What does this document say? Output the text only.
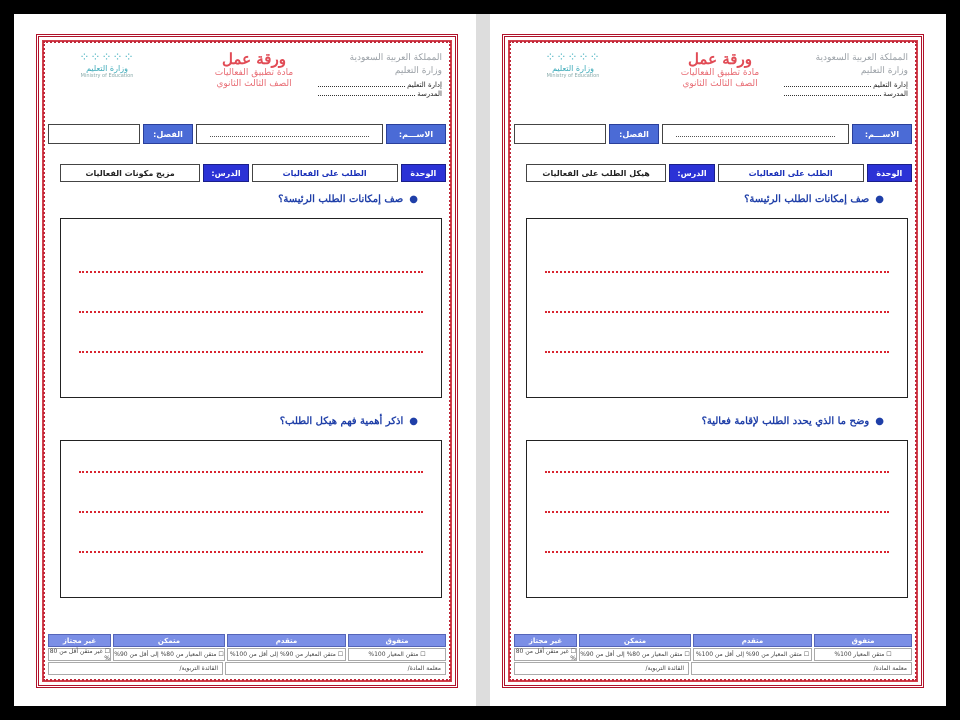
المملكة العربية السعودية
وزارة التعليم
إدارة التعليم
المدرسة
ورقة عمل
مادة تطبيق الفعاليات
الصف الثالث الثانوي
⁘⁘⁘⁘⁘
وزارة التعليم
Ministry of Education
الاســـم:
الفصل:
الوحدة
الطلب على الفعاليات
الدرس:
مزيج مكونات الفعاليات
●صف إمكانات الطلب الرئيسة؟
●اذكر أهمية فهم هيكل الطلب؟
متفوق
متقدم
متمكن
غير مجتاز
☐ متقن المعيار 100%
☐ متقن المعيار من 90% إلى أقل من 100%
☐ متقن المعيار من 80% إلى أقل من 90%
☐ غير متقن أقل من 80 %
معلمة المادة/
القائدة التربوية/
المملكة العربية السعودية
وزارة التعليم
إدارة التعليم
المدرسة
ورقة عمل
مادة تطبيق الفعاليات
الصف الثالث الثانوي
⁘⁘⁘⁘⁘
وزارة التعليم
Ministry of Education
الاســـم:
الفصل:
الوحدة
الطلب على الفعاليات
الدرس:
هيكل الطلب على الفعاليات
●صف إمكانات الطلب الرئيسة؟
●وضح ما الذي يحدد الطلب لإقامة فعالية؟
متفوق
متقدم
متمكن
غير مجتاز
☐ متقن المعيار 100%
☐ متقن المعيار من 90% إلى أقل من 100%
☐ متقن المعيار من 80% إلى أقل من 90%
☐ غير متقن أقل من 80 %
معلمة المادة/
القائدة التربوية/
